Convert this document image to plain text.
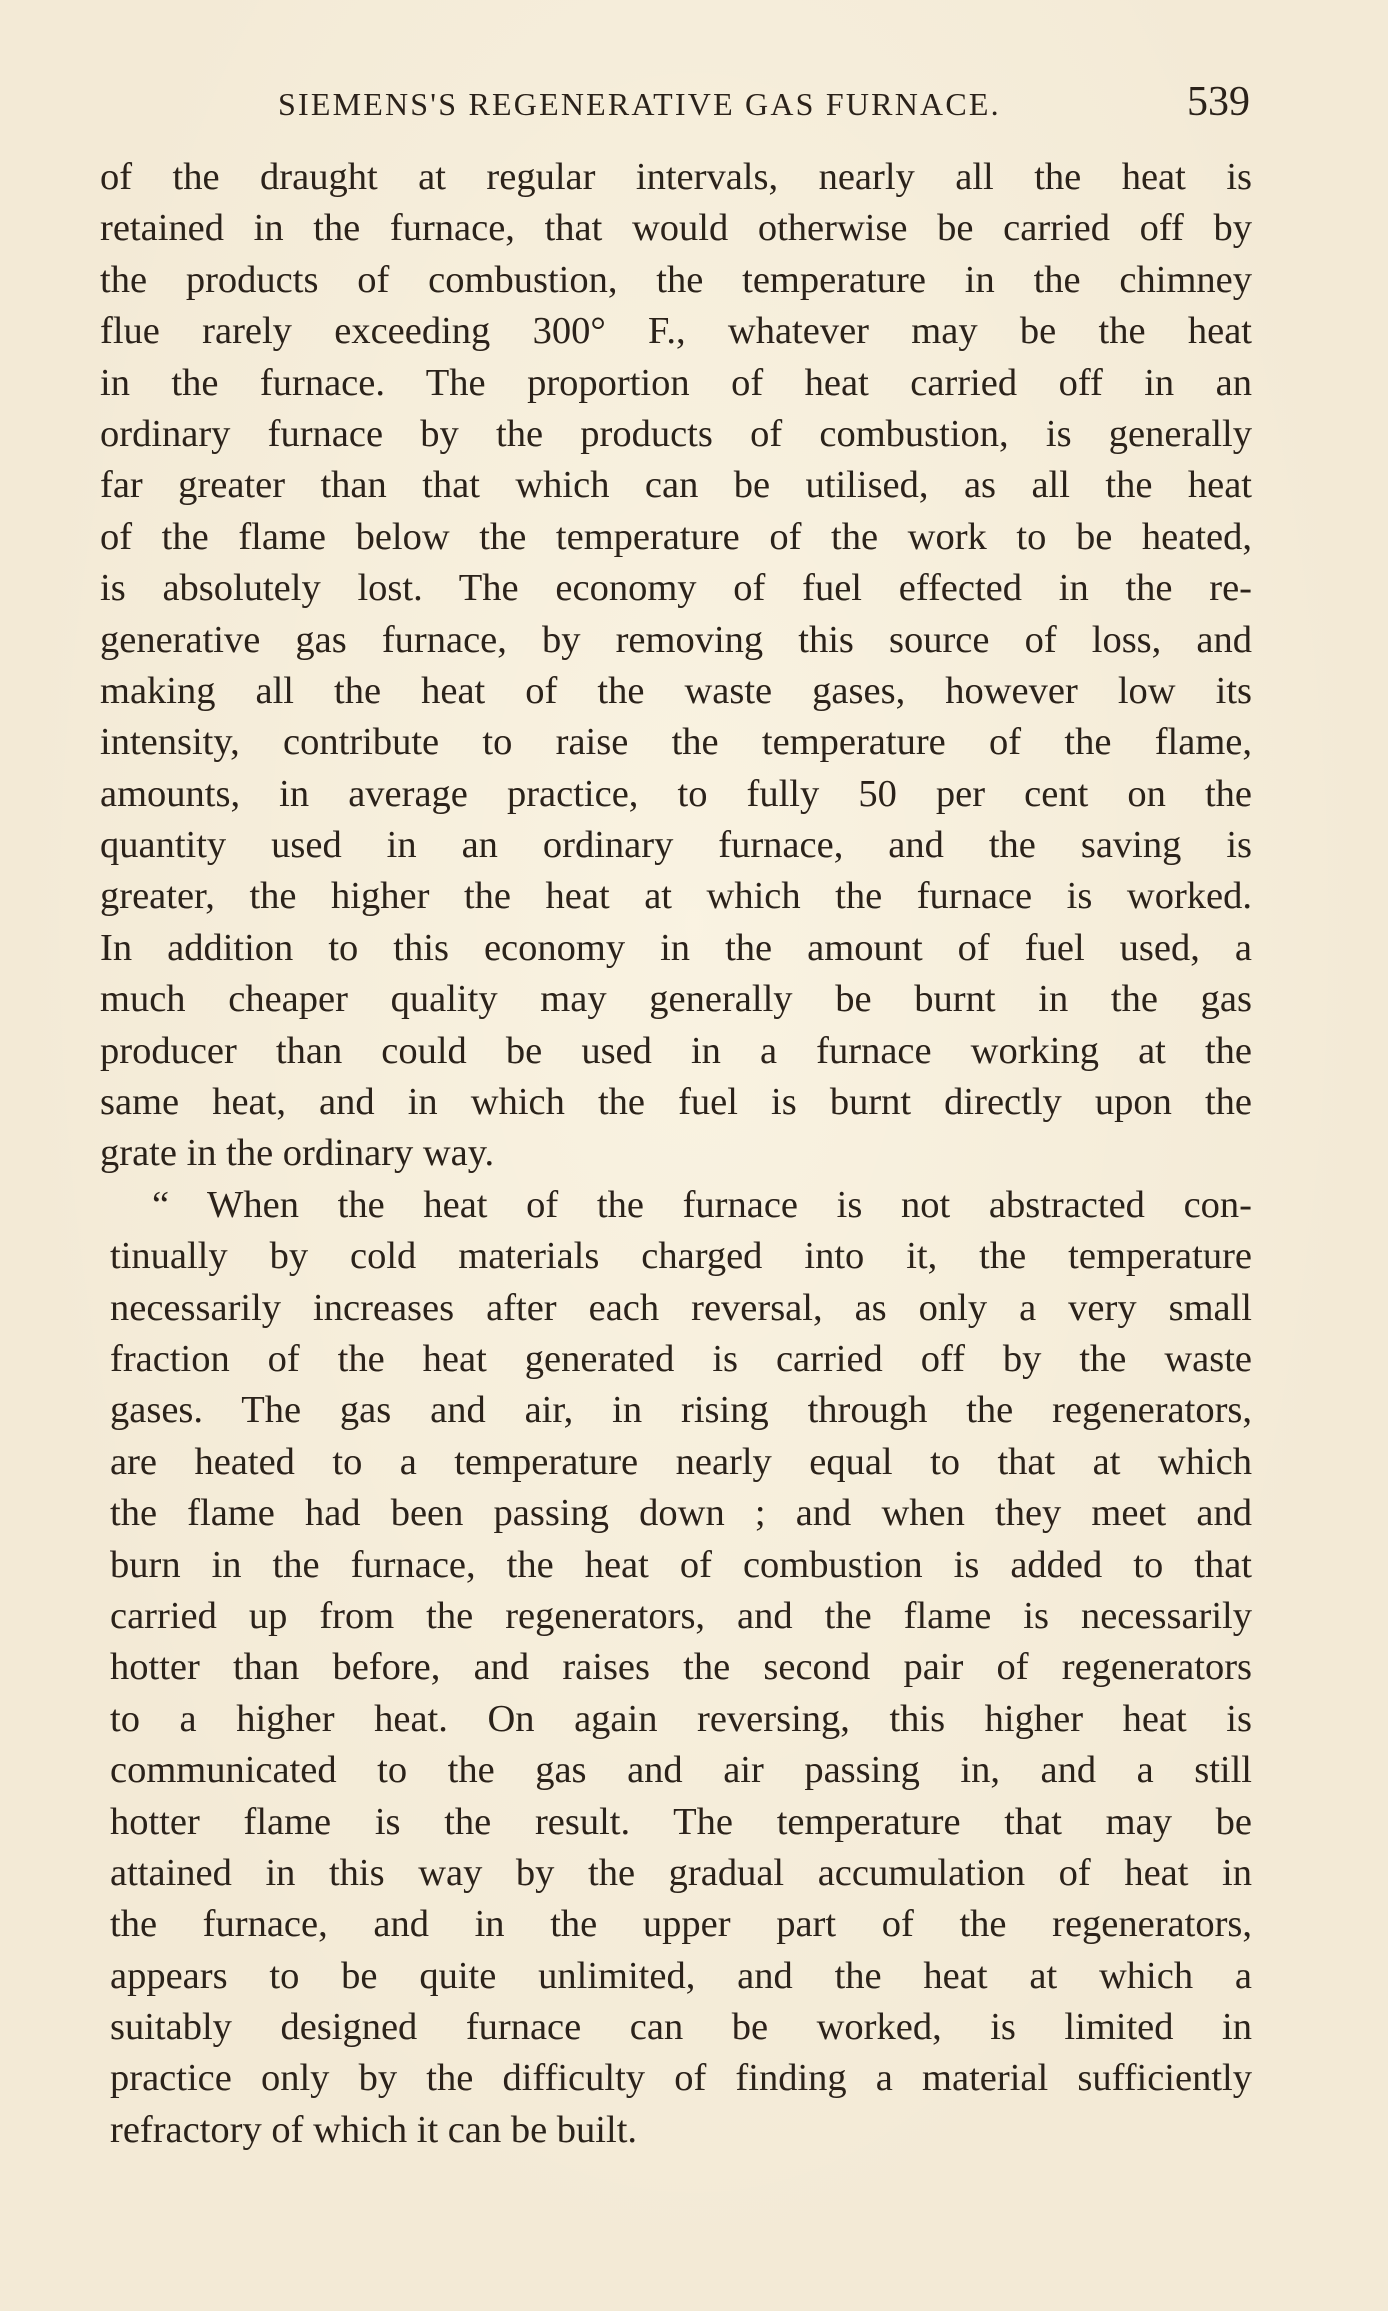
SIEMENS'S REGENERATIVE GAS FURNACE.	539
of the draught at regular intervals, nearly all the heat is
retained in the furnace, that would otherwise be carried off by
the products of combustion, the temperature in the chimney
flue rarely exceeding 300° F., whatever may be the heat
in the furnace. The proportion of heat carried off in an
ordinary furnace by the products of combustion, is generally
far greater than that which can be utilised, as all the heat
of the flame below the temperature of the work to be heated,
is absolutely lost. The economy of fuel effected in the re-
generative gas furnace, by removing this source of loss, and
making all the heat of the waste gases, however low its
intensity, contribute to raise the temperature of the flame,
amounts, in average practice, to fully 50 per cent on the
quantity used in an ordinary furnace, and the saving is
greater, the higher the heat at which the furnace is worked.
In addition to this economy in the amount of fuel used, a
much cheaper quality may generally be burnt in the gas
producer than could be used in a furnace working at the
same heat, and in which the fuel is burnt directly upon the
grate in the ordinary way.
“ When the heat of the furnace is not abstracted con-
tinually by cold materials charged into it, the temperature
necessarily increases after each reversal, as only a very small
fraction of the heat generated is carried off by the waste
gases. The gas and air, in rising through the regenerators,
are heated to a temperature nearly equal to that at which
the flame had been passing down ; and when they meet and
burn in the furnace, the heat of combustion is added to that
carried up from the regenerators, and the flame is necessarily
hotter than before, and raises the second pair of regenerators
to a higher heat. On again reversing, this higher heat is
communicated to the gas and air passing in, and a still
hotter flame is the result. The temperature that may be
attained in this way by the gradual accumulation of heat in
the furnace, and in the upper part of the regenerators,
appears to be quite unlimited, and the heat at which a
suitably designed furnace can be worked, is limited in
practice only by the difficulty of finding a material sufficiently
refractory of which it can be built.
